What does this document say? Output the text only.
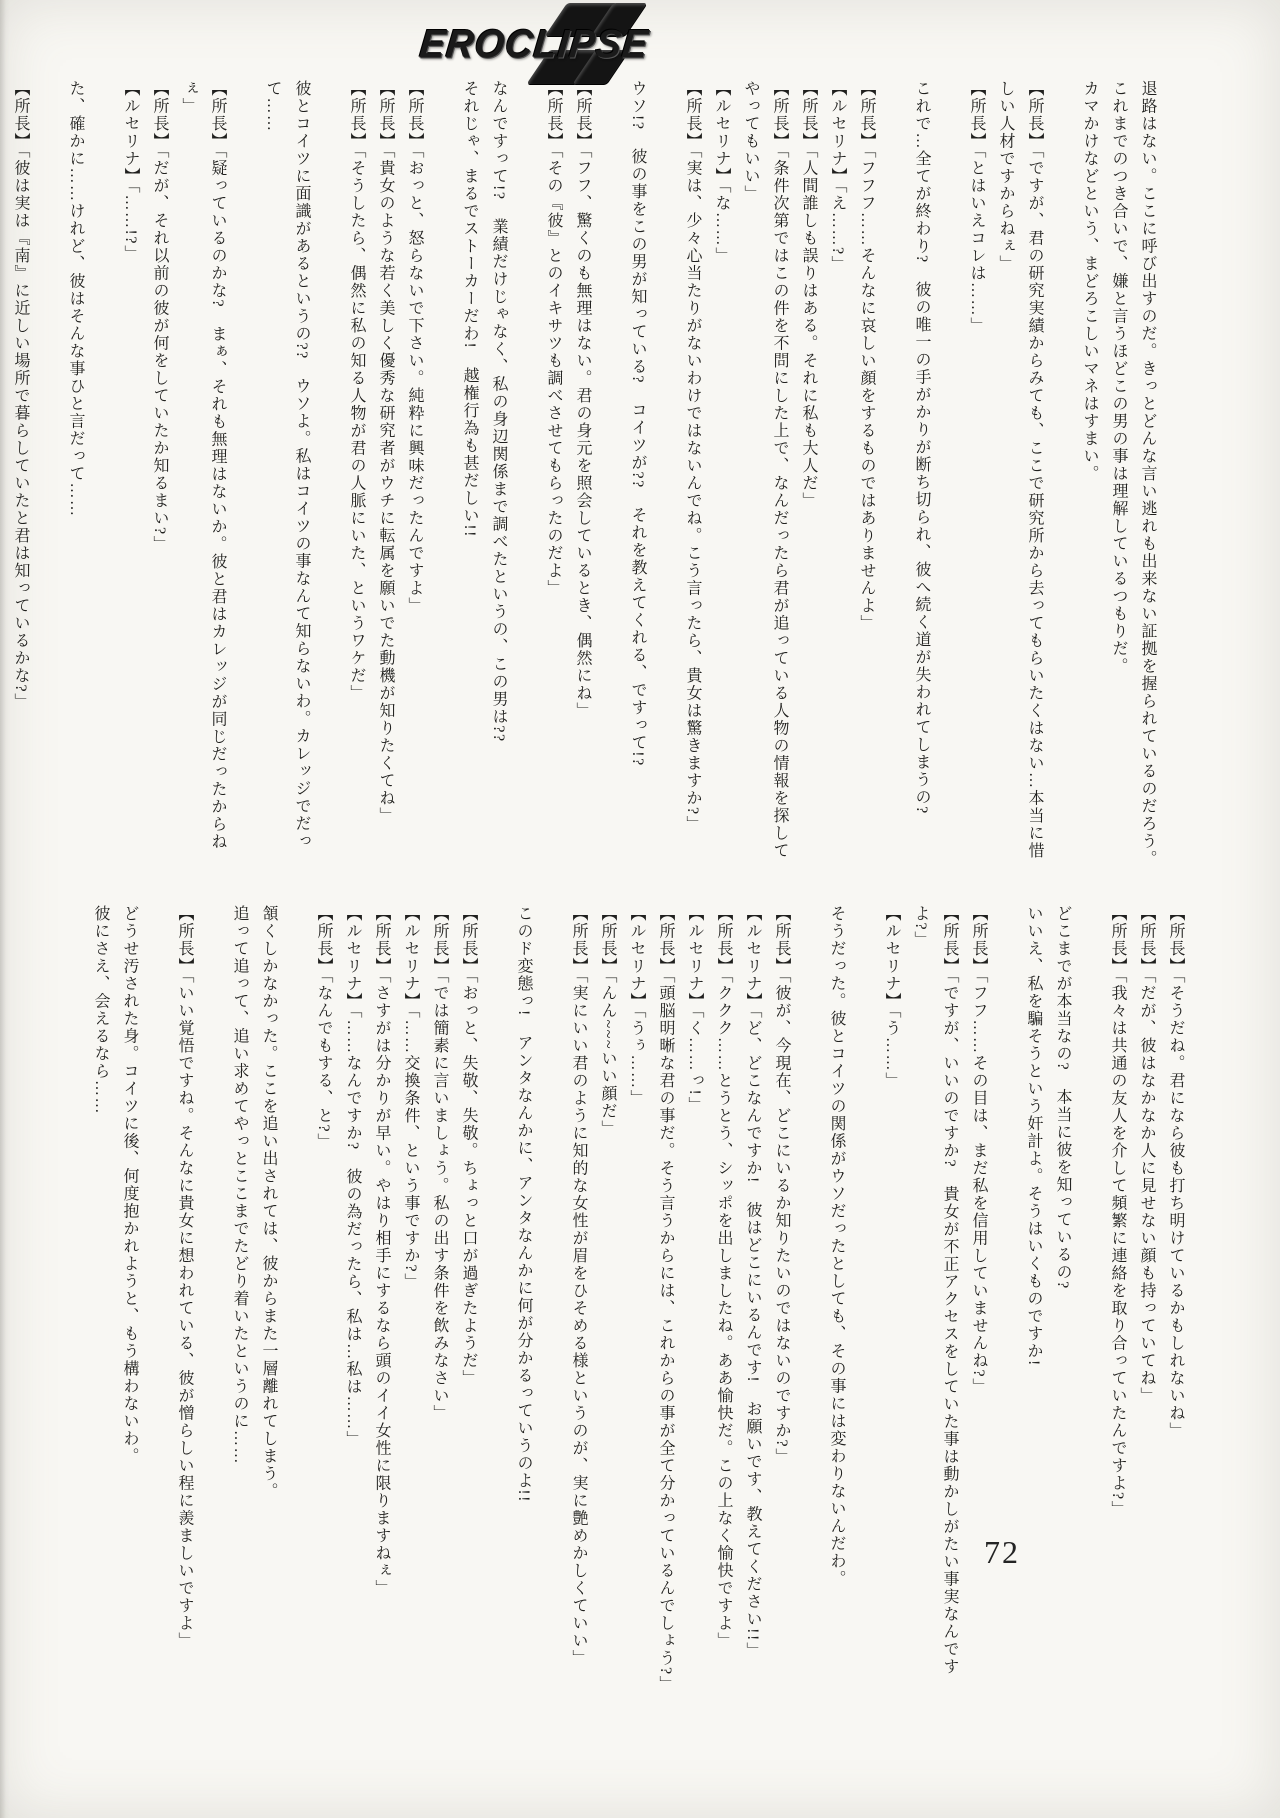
EROCLIPSE

退路はない。ここに呼び出すのだ。きっとどんな言い逃れも出来ない証拠を握られているのだろう。

これまでのつき合いで、嫌と言うほどこの男の事は理解しているつもりだ。

カマかけなどという、まどろこしいマネはすまい。

【所長】「ですが、君の研究実績からみても、ここで研究所から去ってもらいたくはない…本当に惜しい人材ですからねぇ」

【所長】「とはいえコレは……」

これで…全てが終わり?　彼の唯一の手がかりが断ち切られ、彼へ続く道が失われてしまうの?

【所長】「フフフ……そんなに哀しい顔をするものではありませんよ」

【ルセリナ】「え……?」

【所長】「人間誰しも誤りはある。それに私も大人だ」

【所長】「条件次第ではこの件を不問にした上で、なんだったら君が追っている人物の情報を探してやってもいい」

【ルセリナ】「な……」

【所長】「実は、少々心当たりがないわけではないんでね。こう言ったら、貴女は驚きますか?」

ウソ!?　彼の事をこの男が知っている?　コイツが??　それを教えてくれる、ですって!?

【所長】「フフ、驚くのも無理はない。君の身元を照会しているとき、偶然にね」

【所長】「その『彼』とのイキサツも調べさせてもらったのだよ」

なんですって!?　業績だけじゃなく、私の身辺関係まで調べたというの、この男は??

それじゃ、まるでストーカーだわ!　越権行為も甚だしい!!

【所長】「おっと、怒らないで下さい。純粋に興味だったんですよ」

【所長】「貴女のような若く美しく優秀な研究者がウチに転属を願いでた動機が知りたくてね」

【所長】「そうしたら、偶然に私の知る人物が君の人脈にいた、というワケだ」

彼とコイツに面識があるというの??　ウソよ。私はコイツの事なんて知らないわ。カレッジでだって……

【所長】「疑っているのかな?　まぁ、それも無理はないか。彼と君はカレッジが同じだったからねぇ」

【所長】「だが、それ以前の彼が何をしていたか知るまい?」

【ルセリナ】「……!?」

た、確かに……けれど、彼はそんな事ひと言だって……

【所長】「彼は実は『南』に近しい場所で暮らしていたと君は知っているかな?」

【所長】「そうだね。君になら彼も打ち明けているかもしれないね」

【所長】「だが、彼はなかなか人に見せない顔も持っていてね」

【所長】「我々は共通の友人を介して頻繁に連絡を取り合っていたんですよ?」

どこまでが本当なの?　本当に彼を知っているの?

いいえ、私を騙そうという奸計よ。そうはいくものですか!

【所長】「フフ……その目は、まだ私を信用していませんね?」

【所長】「ですが、いいのですか?　貴女が不正アクセスをしていた事は動かしがたい事実なんですよ?」

【ルセリナ】「う……」

そうだった。彼とコイツの関係がウソだったとしても、その事には変わりないんだわ。

【所長】「彼が、今現在、どこにいるか知りたいのではないのですか?」

【ルセリナ】「ど、どこなんですか!　彼はどこにいるんです!　お願いです、教えてください!!」

【所長】「ククク……とうとう、シッポを出しましたね。ああ愉快だ。この上なく愉快ですよ」

【ルセリナ】「く……っ!」

【所長】「頭脳明晰な君の事だ。そう言うからには、これからの事が全て分かっているんでしょう?」

【ルセリナ】「うぅ……」

【所長】「んん~~~いい顔だ」

【所長】「実にいい君のように知的な女性が眉をひそめる様というのが、実に艶めかしくていい」

このド変態っ!　アンタなんかに、アンタなんかに何が分かるっていうのよ!!

【所長】「おっと、失敬、失敬。ちょっと口が過ぎたようだ」

【所長】「では簡素に言いましょう。私の出す条件を飲みなさい」

【ルセリナ】「……交換条件、という事ですか?」

【所長】「さすがは分かりが早い。やはり相手にするなら頭のイイ女性に限りますねぇ」

【ルセリナ】「……なんですか?　彼の為だったら、私は…私は……」

【所長】「なんでもする、と?」

頷くしかなかった。ここを追い出されては、彼からまた一層離れてしまう。

追って追って、追い求めてやっとここまでたどり着いたというのに……

【所長】「いい覚悟ですね。そんなに貴女に想われている、彼が憎らしい程に羨ましいですよ」

どうせ汚された身。コイツに後、何度抱かれようと、もう構わないわ。

彼にさえ、会えるなら……

72
